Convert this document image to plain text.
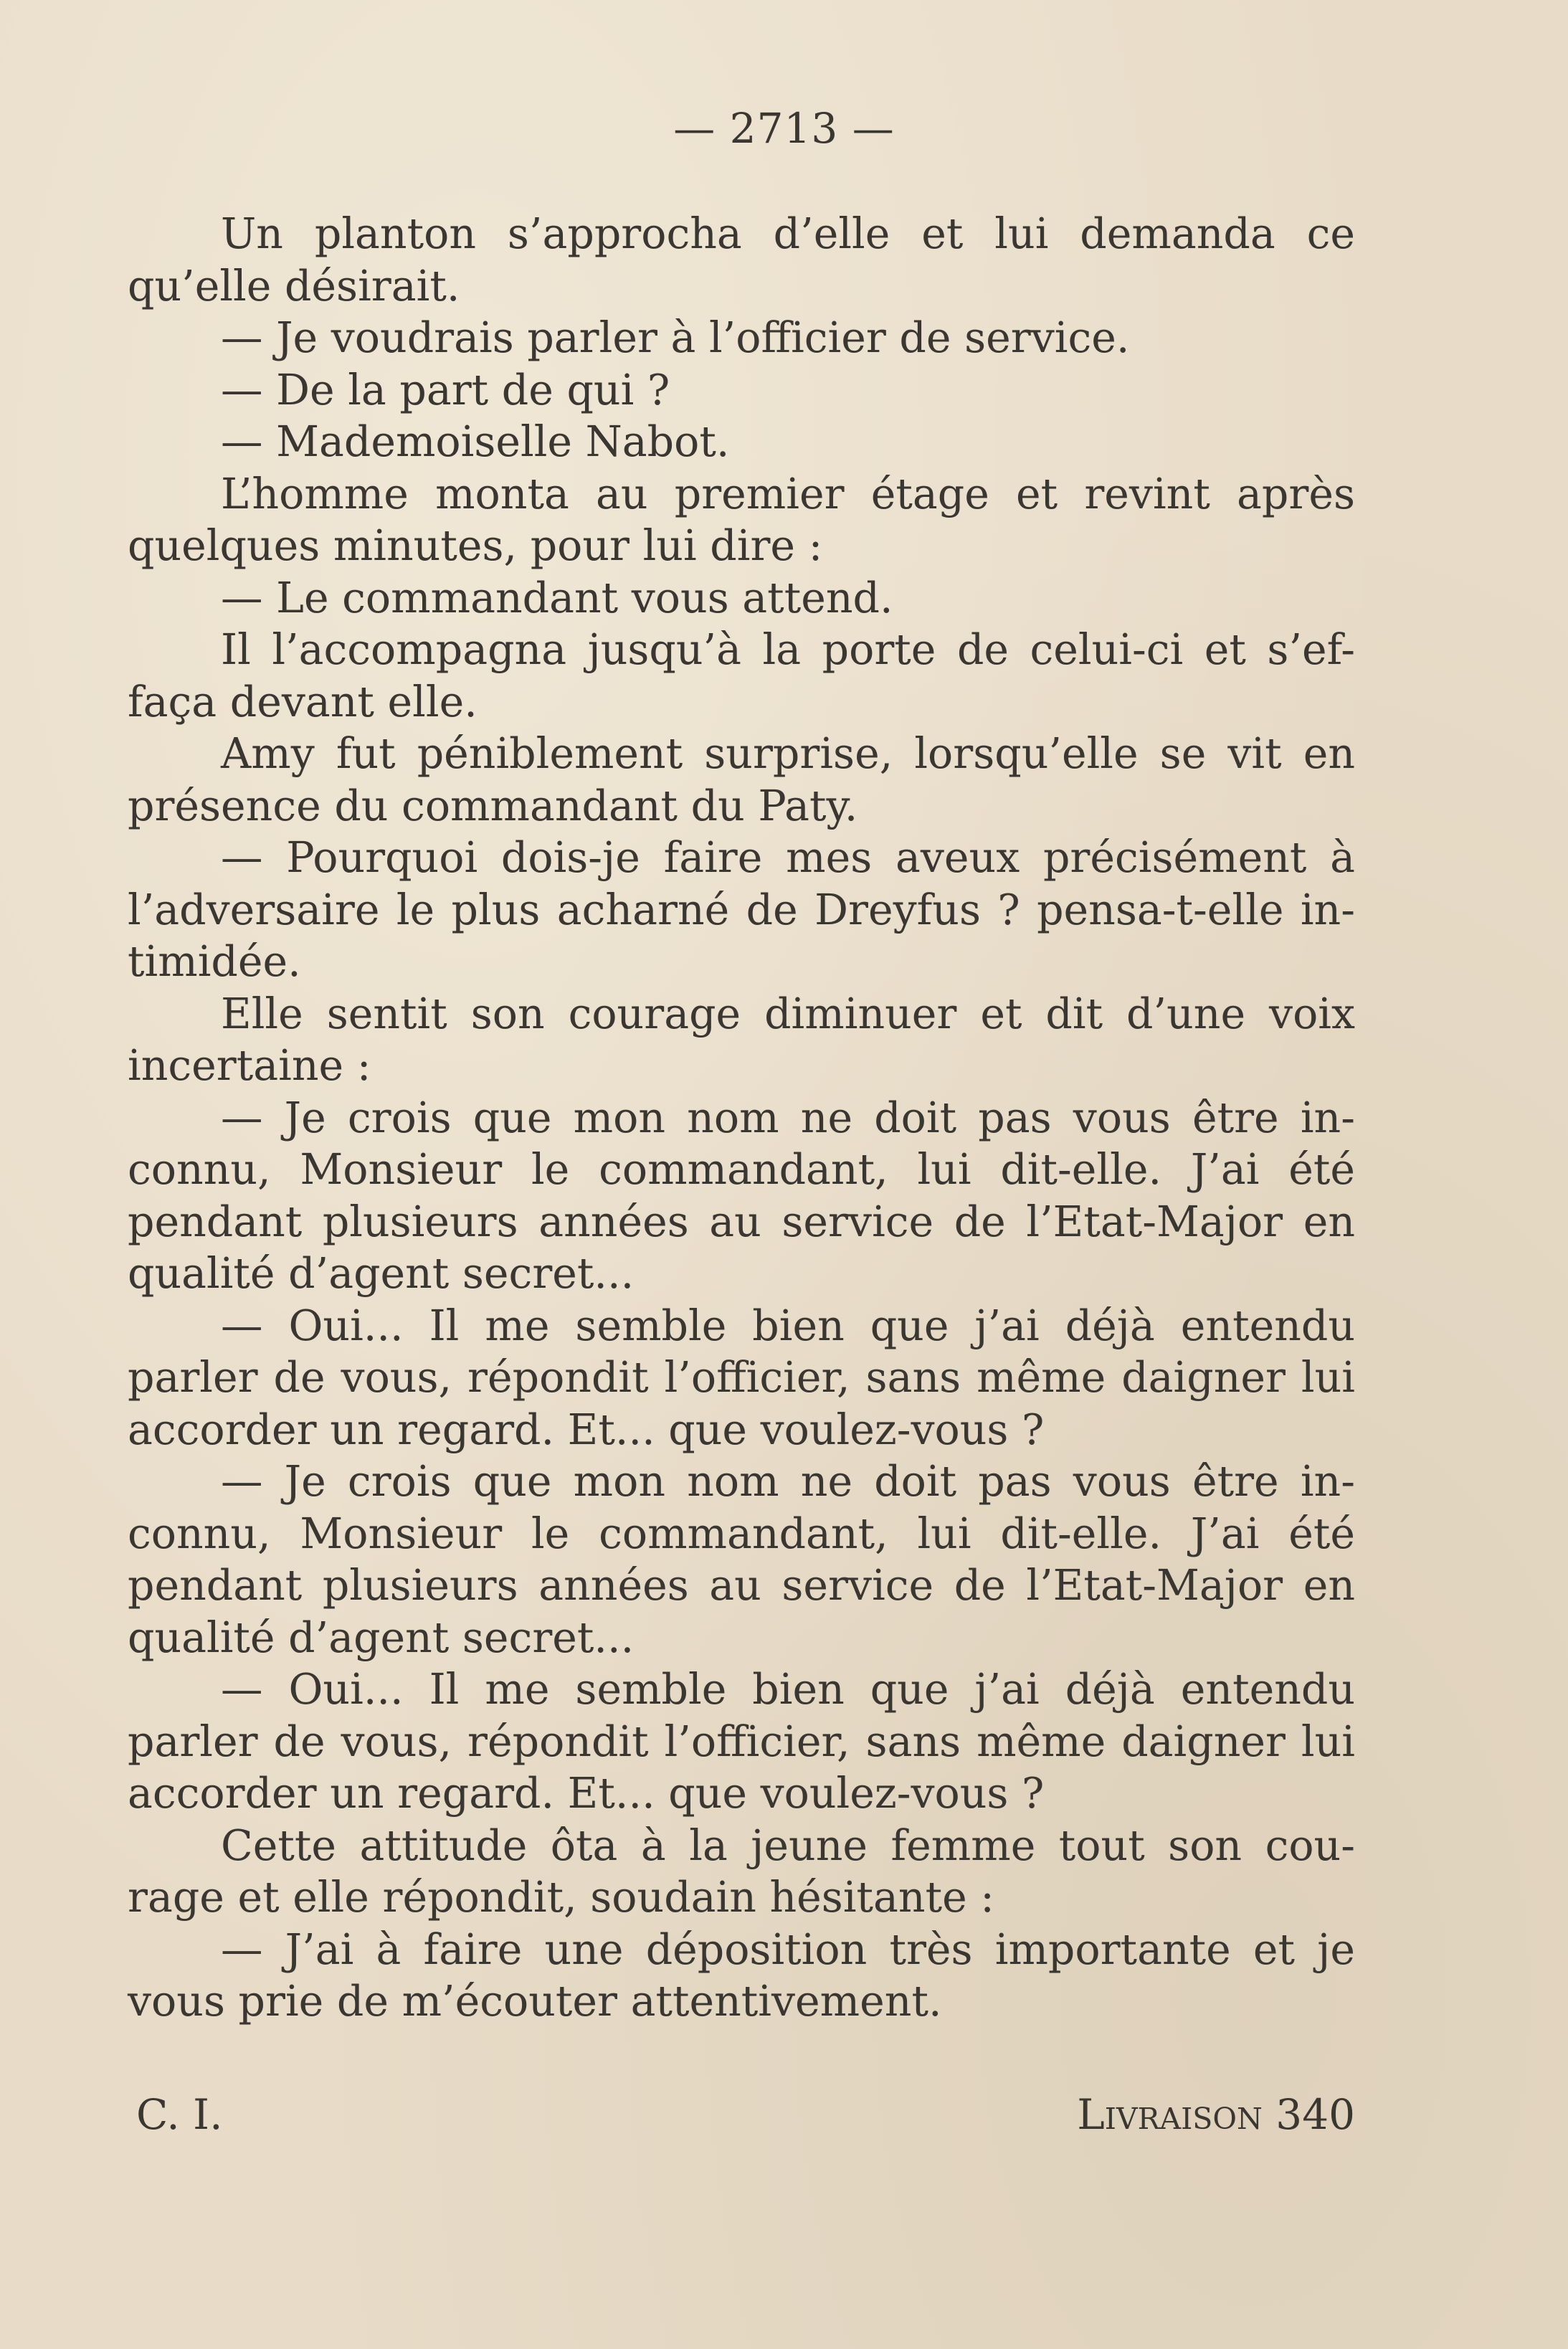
— 2713 —
Un planton s’approcha d’elle et lui demanda ce
qu’elle désirait.
— Je voudrais parler à l’officier de service.
— De la part de qui ?
— Mademoiselle Nabot.
L’homme monta au premier étage et revint après
quelques minutes, pour lui dire :
— Le commandant vous attend.
Il l’accompagna jusqu’à la porte de celui-ci et s’ef-
faça devant elle.
Amy fut péniblement surprise, lorsqu’elle se vit en
présence du commandant du Paty.
— Pourquoi dois-je faire mes aveux précisément à
l’adversaire le plus acharné de Dreyfus ? pensa-t-elle in-
timidée.
Elle sentit son courage diminuer et dit d’une voix
incertaine :
— Je crois que mon nom ne doit pas vous être in-
connu, Monsieur le commandant, lui dit-elle. J’ai été
pendant plusieurs années au service de l’Etat-Major en
qualité d’agent secret...
— Oui... Il me semble bien que j’ai déjà entendu
parler de vous, répondit l’officier, sans même daigner lui
accorder un regard. Et... que voulez-vous ?
— Je crois que mon nom ne doit pas vous être in-
connu, Monsieur le commandant, lui dit-elle. J’ai été
pendant plusieurs années au service de l’Etat-Major en
qualité d’agent secret...
— Oui... Il me semble bien que j’ai déjà entendu
parler de vous, répondit l’officier, sans même daigner lui
accorder un regard. Et... que voulez-vous ?
Cette attitude ôta à la jeune femme tout son cou-
rage et elle répondit, soudain hésitante :
— J’ai à faire une déposition très importante et je
vous prie de m’écouter attentivement.
C. I.	Livraison 340
